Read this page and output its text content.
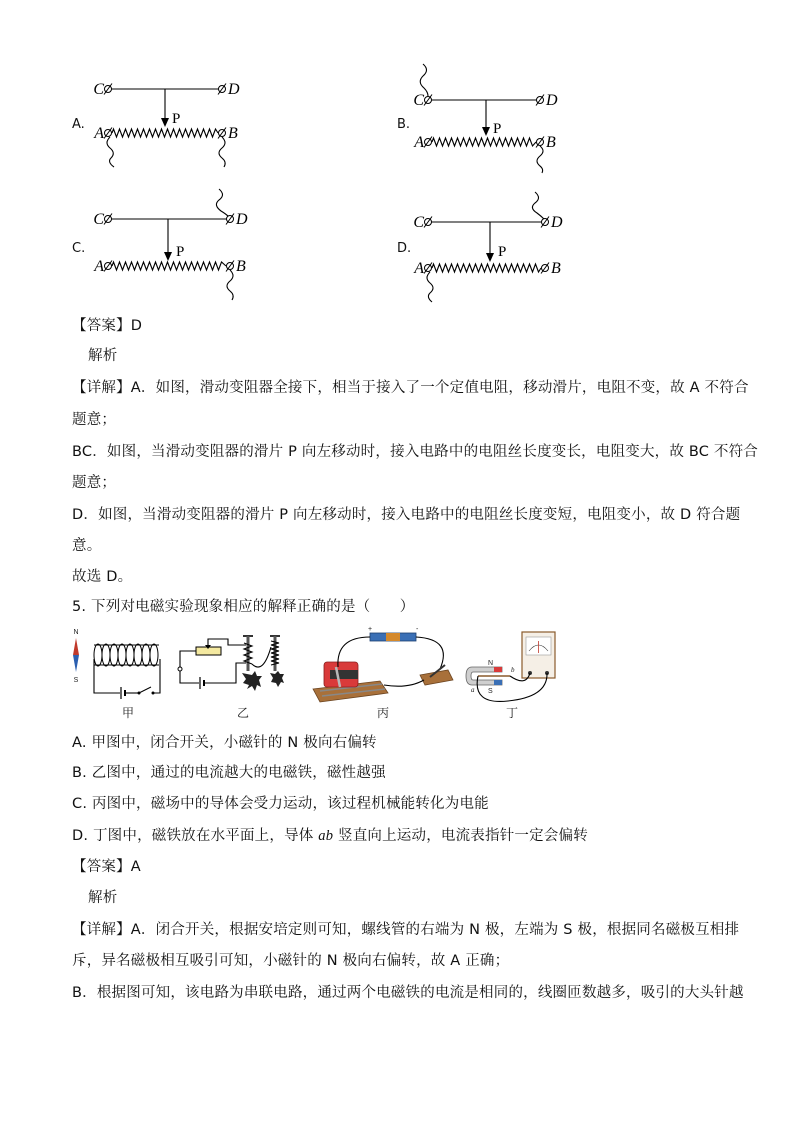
A.
C	D
P
A	B
B.
C	D
P
A	B
C.
C	D
P
A	B
D.
C	D
P
A	B
【答案】D
解析
【详解】A．如图，滑动变阻器全接下，相当于接入了一个定值电阻，移动滑片，电阻不变，故 A 不符合
题意；
BC．如图，当滑动变阻器的滑片 P 向左移动时，接入电路中的电阻丝长度变长，电阻变大，故 BC 不符合
题意；
D．如图，当滑动变阻器的滑片 P 向左移动时，接入电路中的电阻丝长度变短，电阻变小，故 D 符合题
意。
故选 D。
5. 下列对电磁实验现象相应的解释正确的是（　　）
N
S
甲	乙
+	-
丙
N
S
a
b
丁
A. 甲图中，闭合开关，小磁针的 N 极向右偏转
B. 乙图中，通过的电流越大的电磁铁，磁性越强
C. 丙图中，磁场中的导体会受力运动，该过程机械能转化为电能
D. 丁图中，磁铁放在水平面上，导体 ab 竖直向上运动，电流表指针一定会偏转
【答案】A
解析
【详解】A．闭合开关，根据安培定则可知，螺线管的右端为 N 极，左端为 S 极，根据同名磁极互相排
斥，异名磁极相互吸引可知，小磁针的 N 极向右偏转，故 A 正确；
B．根据图可知，该电路为串联电路，通过两个电磁铁的电流是相同的，线圈匝数越多，吸引的大头针越
